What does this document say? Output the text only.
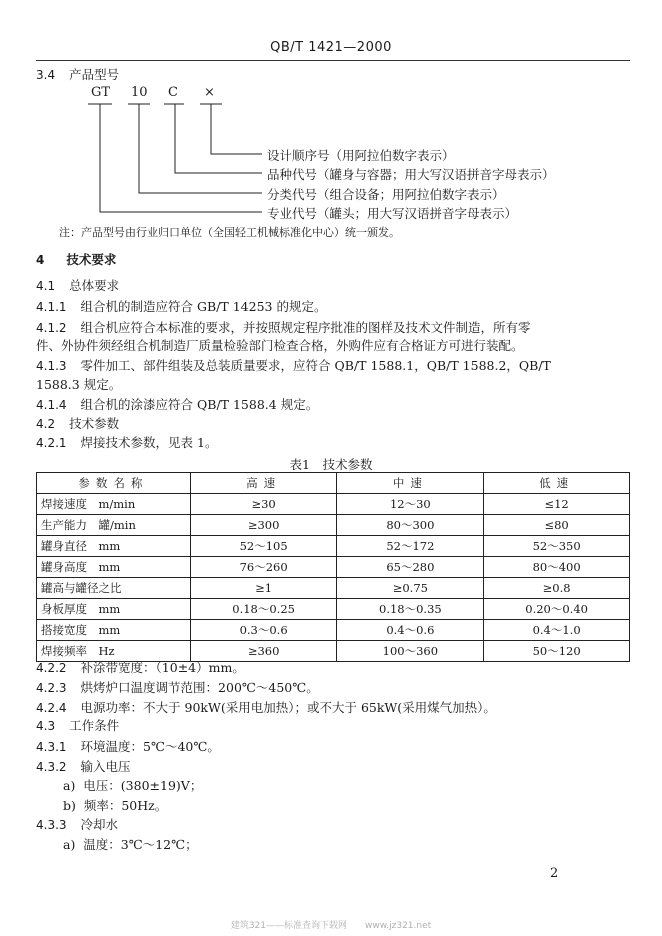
QB/T 1421—2000
3.4 产品型号
GT 10 C ×
设计顺序号（用阿拉伯数字表示）
品种代号（罐身与容器；用大写汉语拼音字母表示）
分类代号（组合设备；用阿拉伯数字表示）
专业代号（罐头；用大写汉语拼音字母表示）
注：产品型号由行业归口单位（全国轻工机械标准化中心）统一颁发。
4 技术要求
4.1 总体要求
4.1.1 组合机的制造应符合 GB/T 14253 的规定。
4.1.2 组合机应符合本标准的要求，并按照规定程序批准的图样及技术文件制造，所有零
件、外协件须经组合机制造厂质量检验部门检查合格，外购件应有合格证方可进行装配。
4.1.3 零件加工、部件组装及总装质量要求，应符合 QB/T 1588.1，QB/T 1588.2，QB/T
1588.3 规定。
4.1.4 组合机的涂漆应符合 QB/T 1588.4 规定。
4.2 技术参数
4.2.1 焊接技术参数，见表 1。
表1　技术参数
参数名称	高速	中速	低速
焊接速度　m/min	≥30	12～30	≤12
生产能力　罐/min	≥300	80～300	≤80
罐身直径　mm	52～105	52～172	52～350
罐身高度　mm	76～260	65～280	80～400
罐高与罐径之比	≥1	≥0.75	≥0.8
身板厚度　mm	0.18～0.25	0.18～0.35	0.20～0.40
搭接宽度　mm	0.3～0.6	0.4～0.6	0.4～1.0
焊接频率　Hz	≥360	100～360	50～120
4.2.2 补涂带宽度：（10±4）mm。
4.2.3 烘烤炉口温度调节范围：200℃～450℃。
4.2.4 电源功率：不大于 90kW(采用电加热）；或不大于 65kW(采用煤气加热）。
4.3 工作条件
4.3.1 环境温度：5℃～40℃。
4.3.2 输入电压
a) 电压：(380±19)V；
b) 频率：50Hz。
4.3.3 冷却水
a) 温度：3℃～12℃；
2
建筑321——标准查询下载网　　www.jz321.net
